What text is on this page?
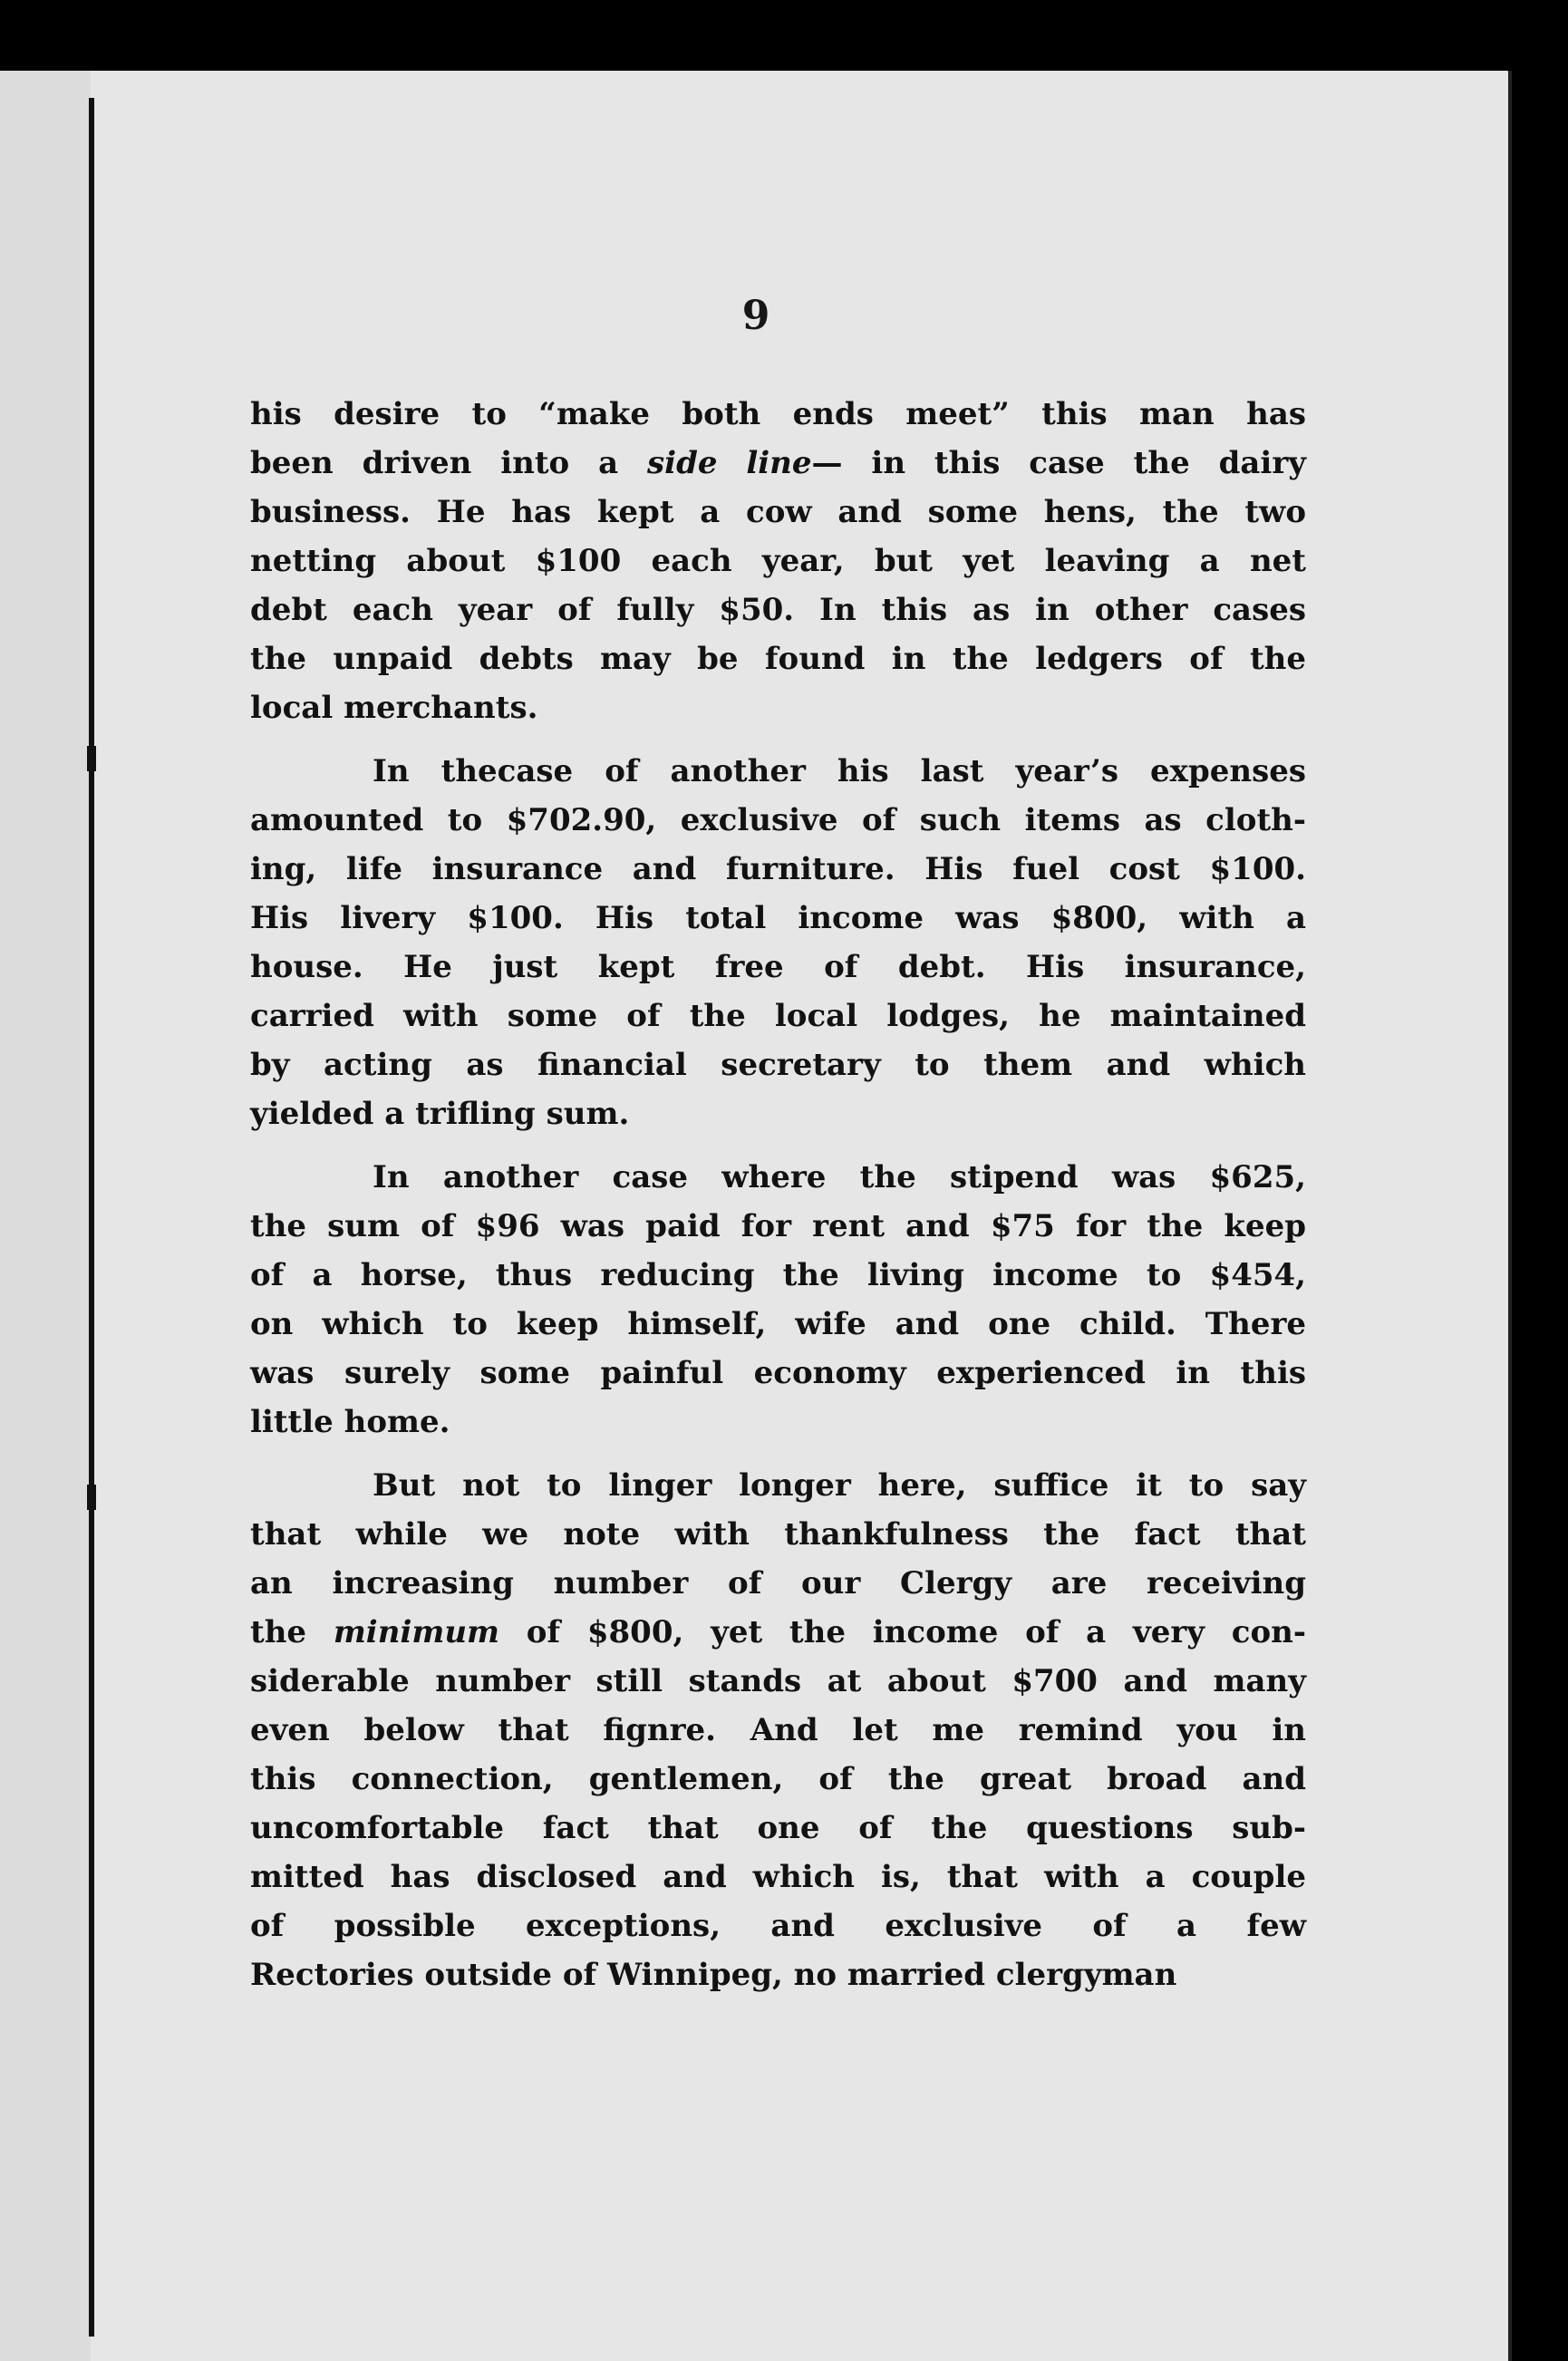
9
his desire to “make both ends meet” this man has
been driven into a side line— in this case the dairy
business. He has kept a cow and some hens, the two
netting about $100 each year, but yet leaving a net
debt each year of fully $50. In this as in other cases
the unpaid debts may be found in the ledgers of the
local merchants.
In thecase of another his last year’s expenses
amounted to $702.90, exclusive of such items as cloth-
ing, life insurance and furniture. His fuel cost $100.
His livery $100. His total income was $800, with a
house. He just kept free of debt. His insurance,
carried with some of the local lodges, he maintained
by acting as financial secretary to them and which
yielded a trifling sum.
In another case where the stipend was $625,
the sum of $96 was paid for rent and $75 for the keep
of a horse, thus reducing the living income to $454,
on which to keep himself, wife and one child. There
was surely some painful economy experienced in this
little home.
But not to linger longer here, suffice it to say
that while we note with thankfulness the fact that
an increasing number of our Clergy are receiving
the minimum of $800, yet the income of a very con-
siderable number still stands at about $700 and many
even below that fignre. And let me remind you in
this connection, gentlemen, of the great broad and
uncomfortable fact that one of the questions sub-
mitted has disclosed and which is, that with a couple
of possible exceptions, and exclusive of a few
Rectories outside of Winnipeg, no married clergyman
